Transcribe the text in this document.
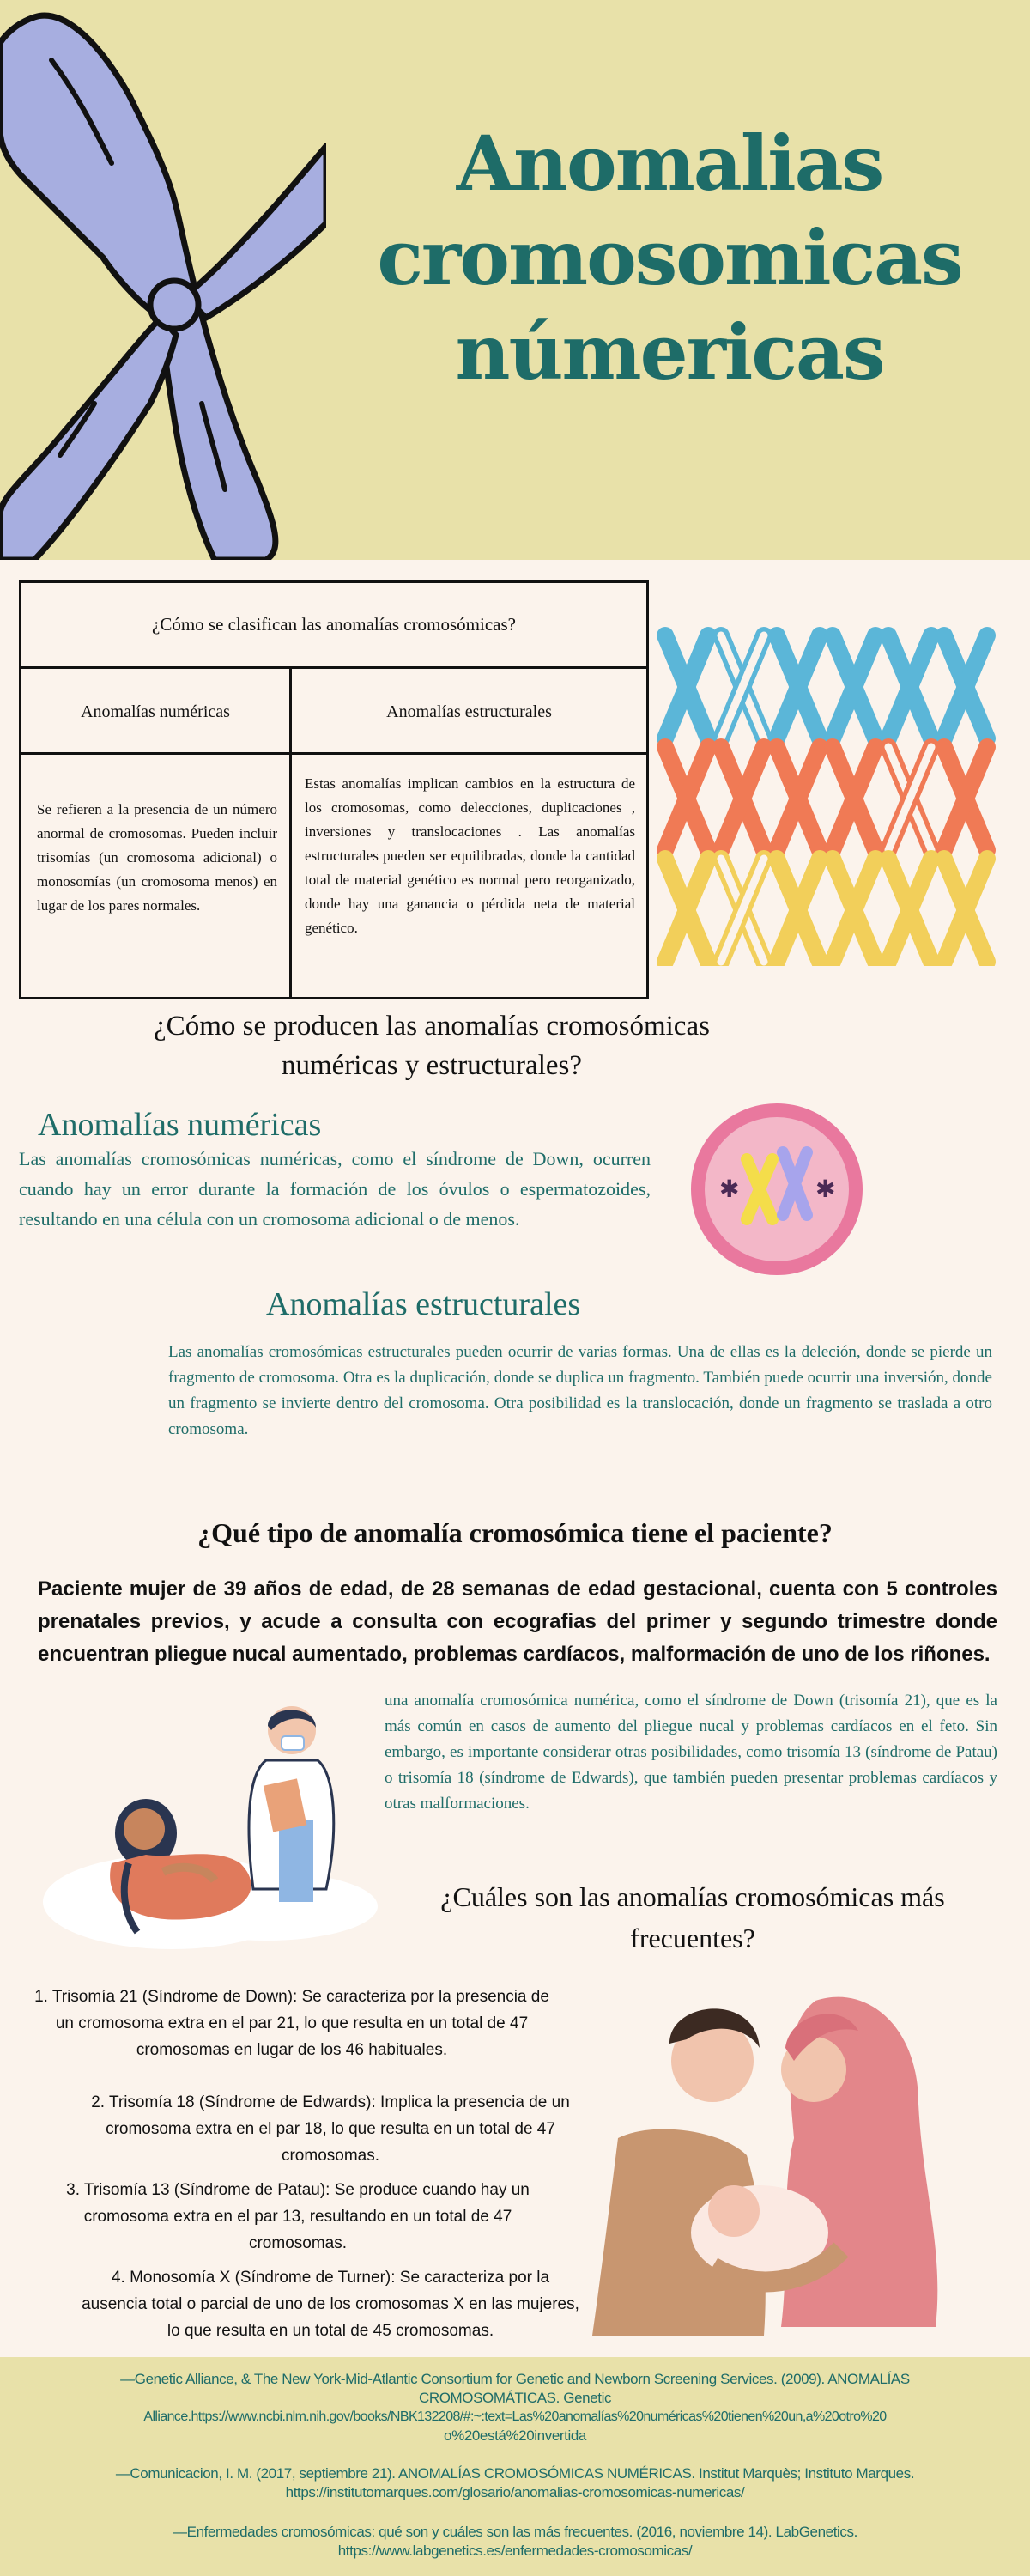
Anomalias
cromosomicas
númericas
¿Cómo se clasifican las anomalías cromosómicas?
Anomalías numéricas	Anomalías estructurales
Se refieren a la presencia de un número anormal de cromosomas. Pueden incluir trisomías (un cromosoma adicional) o monosomías (un cromosoma menos) en lugar de los pares normales.
Estas anomalías implican cambios en la estructura de los cromosomas, como delecciones, duplicaciones , inversiones y translocaciones . Las anomalías estructurales pueden ser equilibradas, donde la cantidad total de material genético es normal pero reorganizado, donde hay una ganancia o pérdida neta de material genético.
¿Cómo se producen las anomalías cromosómicas
numéricas y estructurales?
Anomalías numéricas
Las anomalías cromosómicas numéricas, como el síndrome de Down, ocurren cuando hay un error durante la formación de los óvulos o espermatozoides, resultando en una célula con un cromosoma adicional o de menos.
✱	✱
Anomalías estructurales
Las anomalías cromosómicas estructurales pueden ocurrir de varias formas. Una de ellas es la deleción, donde se pierde un fragmento de cromosoma. Otra es la duplicación, donde se duplica un fragmento. También puede ocurrir una inversión, donde un fragmento se invierte dentro del cromosoma. Otra posibilidad es la translocación, donde un fragmento se traslada a otro cromosoma.
¿Qué tipo de anomalía cromosómica tiene el paciente?
Paciente mujer de 39 años de edad, de 28 semanas de edad gestacional, cuenta con 5 controles prenatales previos, y acude a consulta con ecografias del primer y segundo trimestre donde encuentran pliegue nucal aumentado, problemas cardíacos, malformación de uno de los riñones.
una anomalía cromosómica numérica, como el síndrome de Down (trisomía 21), que es la más común en casos de aumento del pliegue nucal y problemas cardíacos en el feto. Sin embargo, es importante considerar otras posibilidades, como trisomía 13 (síndrome de Patau) o trisomía 18 (síndrome de Edwards), que también pueden presentar problemas cardíacos y otras malformaciones.
¿Cuáles son las anomalías cromosómicas más
frecuentes?
1. Trisomía 21 (Síndrome de Down): Se caracteriza por la presencia de un cromosoma extra en el par 21, lo que resulta en un total de 47 cromosomas en lugar de los 46 habituales.
2. Trisomía 18 (Síndrome de Edwards): Implica la presencia de un cromosoma extra en el par 18, lo que resulta en un total de 47 cromosomas.
3. Trisomía 13 (Síndrome de Patau): Se produce cuando hay un cromosoma extra en el par 13, resultando en un total de 47 cromosomas.
4. Monosomía X (Síndrome de Turner): Se caracteriza por la ausencia total o parcial de uno de los cromosomas X en las mujeres, lo que resulta en un total de 45 cromosomas.
—Genetic Alliance, & The New York-Mid-Atlantic Consortium for Genetic and Newborn Screening Services. (2009). ANOMALÍAS
CROMOSOMÁTICAS. Genetic
Alliance.https://www.ncbi.nlm.nih.gov/books/NBK132208/#:~:text=Las%20anomalías%20numéricas%20tienen%20un,a%20otro%20
o%20está%20invertida
—Comunicacion, I. M. (2017, septiembre 21). ANOMALÍAS CROMOSÓMICAS NUMÉRICAS. Institut Marquès; Instituto Marques.
https://institutomarques.com/glosario/anomalias-cromosomicas-numericas/
—Enfermedades cromosómicas: qué son y cuáles son las más frecuentes. (2016, noviembre 14). LabGenetics.
https://www.labgenetics.es/enfermedades-cromosomicas/
